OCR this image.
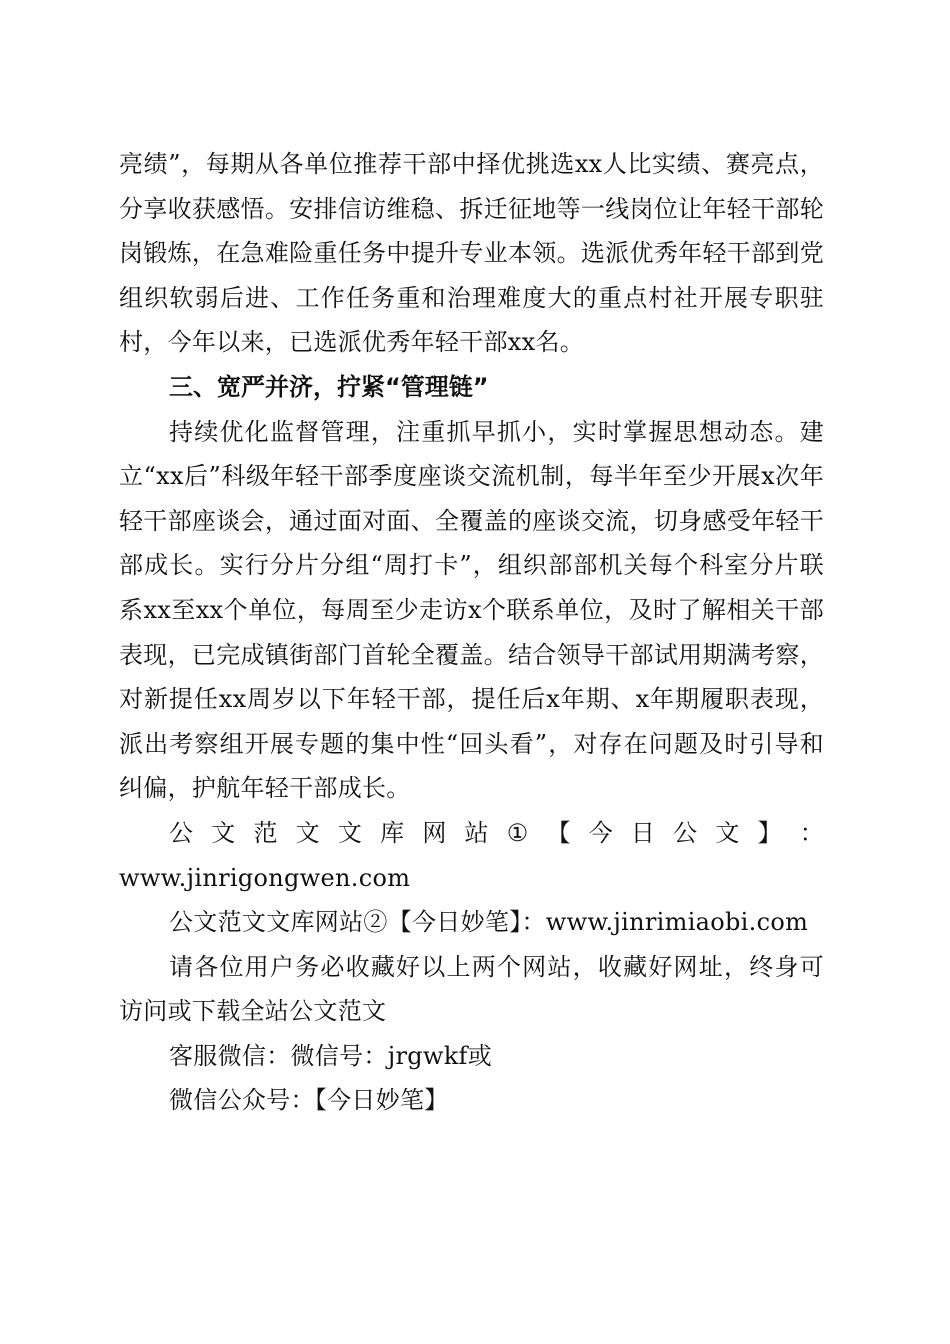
亮绩”，每期从各单位推荐干部中择优挑选xx人比实绩、赛亮点，分享收获感悟。安排信访维稳、拆迁征地等一线岗位让年轻干部轮岗锻炼，在急难险重任务中提升专业本领。选派优秀年轻干部到党组织软弱后进、工作任务重和治理难度大的重点村社开展专职驻村，今年以来，已选派优秀年轻干部xx名。

三、宽严并济，拧紧“管理链”

持续优化监督管理，注重抓早抓小，实时掌握思想动态。建立“xx后”科级年轻干部季度座谈交流机制，每半年至少开展x次年轻干部座谈会，通过面对面、全覆盖的座谈交流，切身感受年轻干部成长。实行分片分组“周打卡”，组织部部机关每个科室分片联系xx至xx个单位，每周至少走访x个联系单位，及时了解相关干部表现，已完成镇街部门首轮全覆盖。结合领导干部试用期满考察，对新提任xx周岁以下年轻干部，提任后x年期、x年期履职表现，派出考察组开展专题的集中性“回头看”，对存在问题及时引导和纠偏，护航年轻干部成长。

公 文 范 文 文 库 网 站 ① 【 今 日 公 文 】 ：

www.jinrigongwen.com

公文范文文库网站②【今日妙笔】：www.jinrimiaobi.com

请各位用户务必收藏好以上两个网站，收藏好网址，终身可访问或下载全站公文范文

客服微信：微信号：jrgwkf或

微信公众号：【今日妙笔】
